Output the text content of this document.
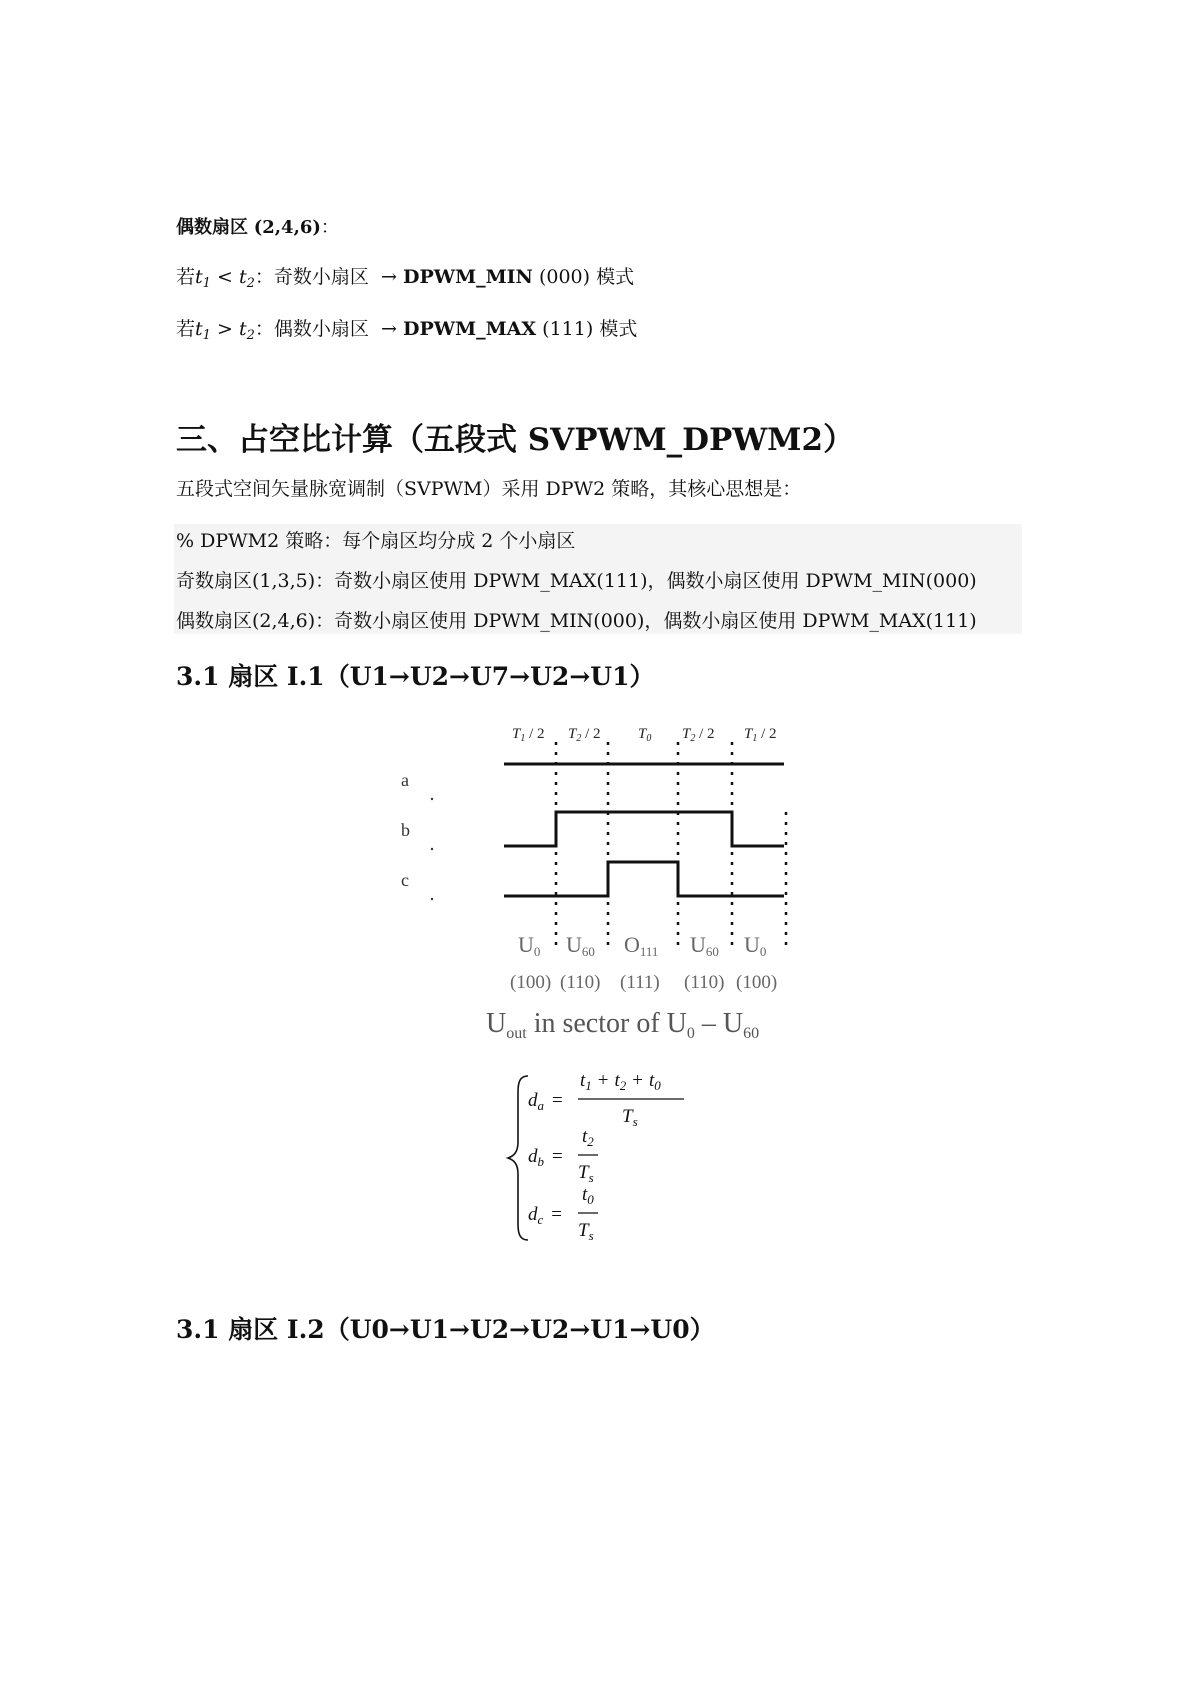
偶数扇区 (2,4,6)：
若$t_1 < t_2$：奇数小扇区 → DPWM_MIN (000) 模式
若$t_1 > t_2$：偶数小扇区 → DPWM_MAX (111) 模式
三、占空比计算（五段式 SVPWM_DPWM2）
五段式空间矢量脉宽调制（SVPWM）采用 DPW2 策略，其核心思想是：
% DPWM2 策略：每个扇区均分成 2 个小扇区
奇数扇区(1,3,5)：奇数小扇区使用 DPWM_MAX(111)，偶数小扇区使用 DPWM_MIN(000)
偶数扇区(2,4,6)：奇数小扇区使用 DPWM_MIN(000)，偶数小扇区使用 DPWM_MAX(111)
3.1 扇区 I.1（U1→U2→U7→U2→U1）
$T_1 / 2$ $T_2 / 2$ $T_0$ $T_2 / 2$ $T_1 / 2$
a
b
c
U0 U60 O111 U60 U0
(100) (110) (111) (110) (100)
$U_{out}$ in sector of $U_0 - U_{60}$
$d_a$ =
$t_1 + t_2 + t_0$
$T_s$
$d_b$ =
$t_2$
$T_s$
$d_c$ =
$t_0$
$T_s$
3.1 扇区 I.2（U0→U1→U2→U2→U1→U0）
